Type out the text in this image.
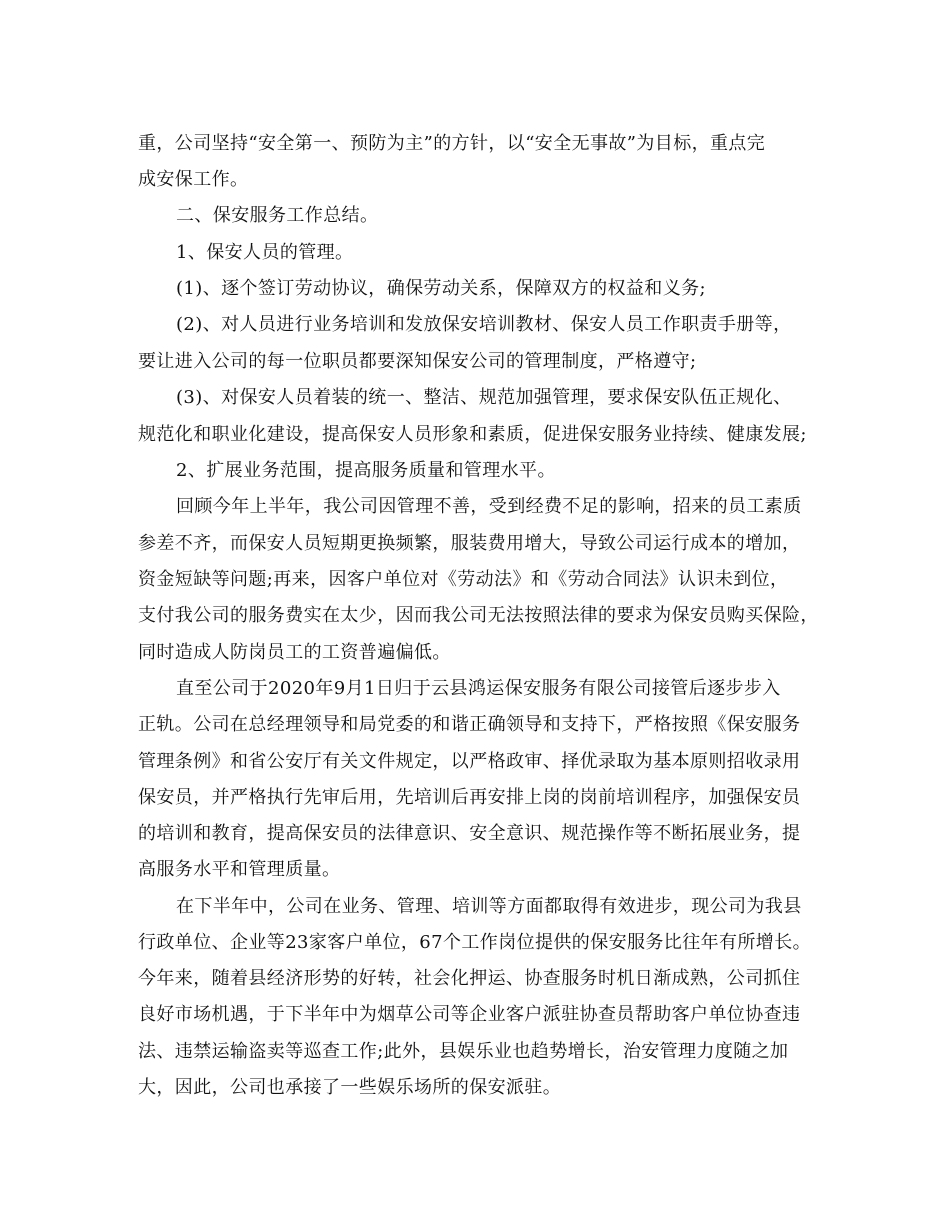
重，公司坚持“安全第一、预防为主”的方针，以“安全无事故”为目标，重点完
成安保工作。
二、保安服务工作总结。
1、保安人员的管理。
(1)、逐个签订劳动协议，确保劳动关系，保障双方的权益和义务;
(2)、对人员进行业务培训和发放保安培训教材、保安人员工作职责手册等，
要让进入公司的每一位职员都要深知保安公司的管理制度，严格遵守;
(3)、对保安人员着装的统一、整洁、规范加强管理，要求保安队伍正规化、
规范化和职业化建设，提高保安人员形象和素质，促进保安服务业持续、健康发展;
2、扩展业务范围，提高服务质量和管理水平。
回顾今年上半年，我公司因管理不善，受到经费不足的影响，招来的员工素质
参差不齐，而保安人员短期更换频繁，服装费用增大，导致公司运行成本的增加，
资金短缺等问题;再来，因客户单位对《劳动法》和《劳动合同法》认识未到位，
支付我公司的服务费实在太少，因而我公司无法按照法律的要求为保安员购买保险，
同时造成人防岗员工的工资普遍偏低。
直至公司于2020年9月1日归于云县鸿运保安服务有限公司接管后逐步步入
正轨。公司在总经理领导和局党委的和谐正确领导和支持下，严格按照《保安服务
管理条例》和省公安厅有关文件规定，以严格政审、择优录取为基本原则招收录用
保安员，并严格执行先审后用，先培训后再安排上岗的岗前培训程序，加强保安员
的培训和教育，提高保安员的法律意识、安全意识、规范操作等不断拓展业务，提
高服务水平和管理质量。
在下半年中，公司在业务、管理、培训等方面都取得有效进步，现公司为我县
行政单位、企业等23家客户单位，67个工作岗位提供的保安服务比往年有所增长。
今年来，随着县经济形势的好转，社会化押运、协查服务时机日渐成熟，公司抓住
良好市场机遇，于下半年中为烟草公司等企业客户派驻协查员帮助客户单位协查违
法、违禁运输盗卖等巡查工作;此外，县娱乐业也趋势增长，治安管理力度随之加
大，因此，公司也承接了一些娱乐场所的保安派驻。
